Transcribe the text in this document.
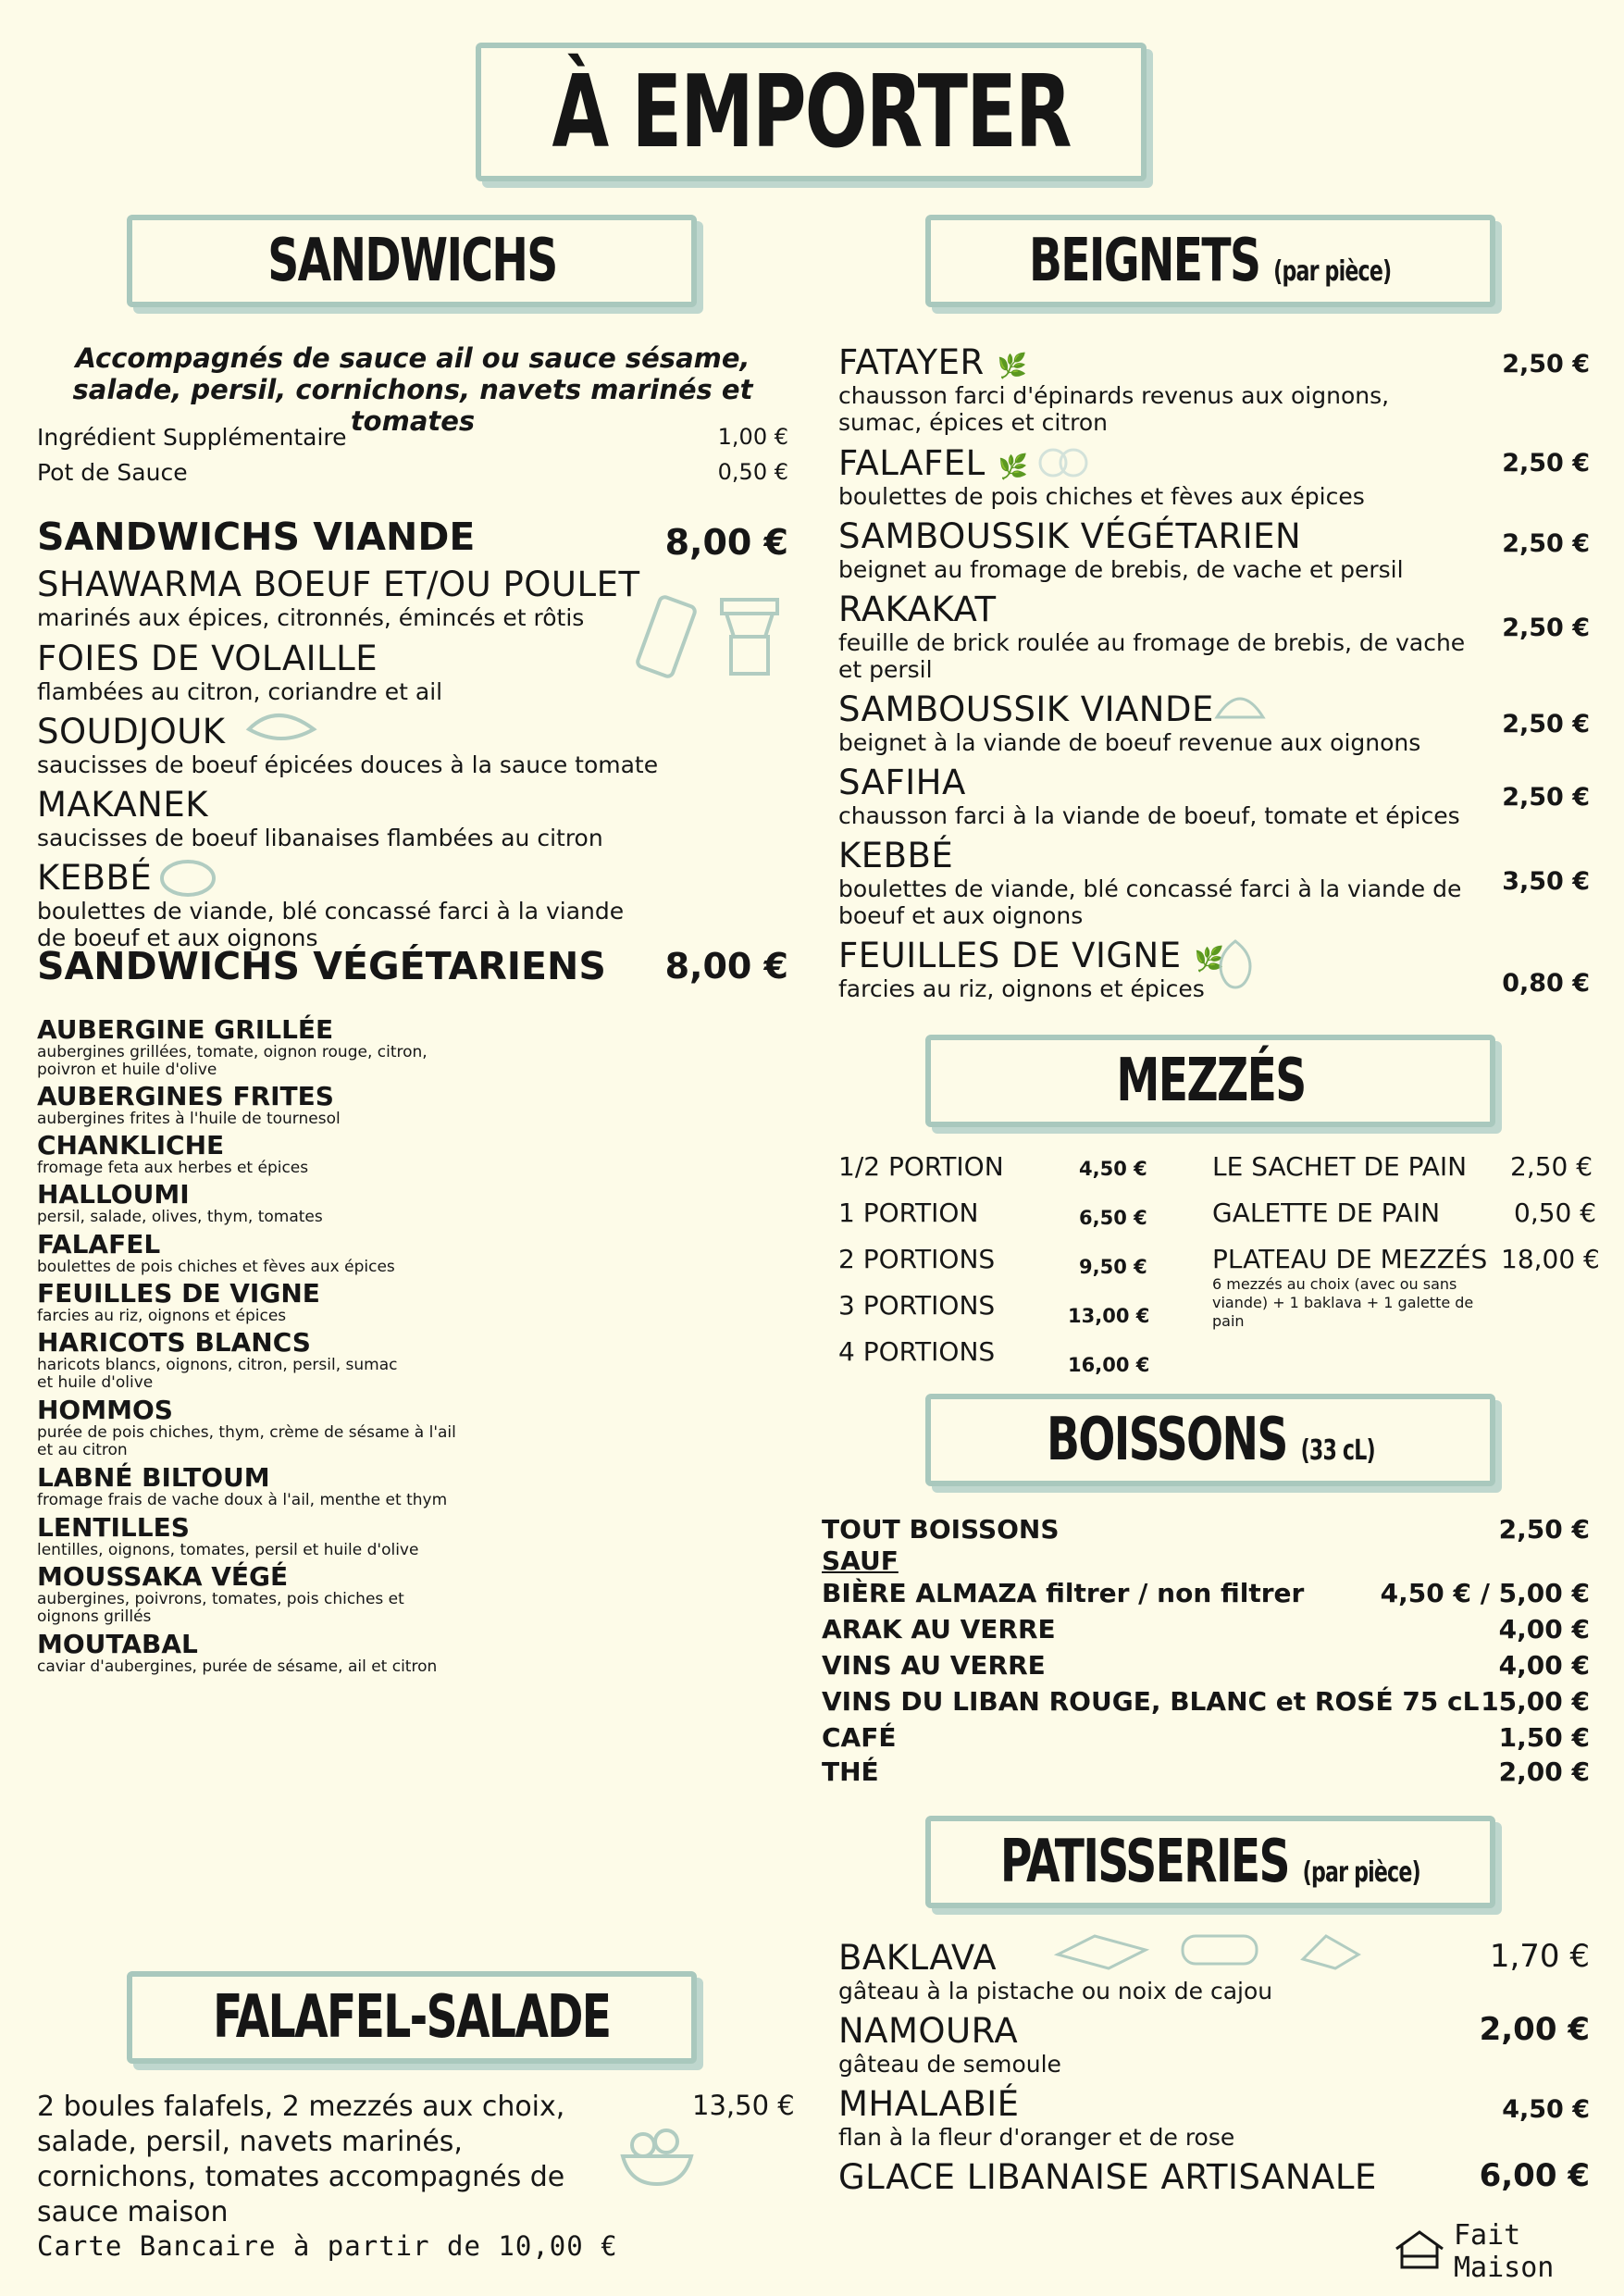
À EMPORTER
SANDWICHS
Accompagnés de sauce ail ou sauce sésame, salade, persil, cornichons, navets marinés et tomates
Ingrédient Supplémentaire	1,00 €
Pot de Sauce	0,50 €
SANDWICHS VIANDE	8,00 €
SHAWARMA BOEUF ET/OU POULET
marinés aux épices, citronnés, émincés et rôtis
FOIES DE VOLAILLE
flambées au citron, coriandre et ail
SOUDJOUK
saucisses de boeuf épicées douces à la sauce tomate
MAKANEK
saucisses de boeuf libanaises flambées au citron
KEBBÉ
boulettes de viande, blé concassé farci à la viande de boeuf et aux oignons
SANDWICHS VÉGÉTARIENS 8,00 €
AUBERGINE GRILLÉE
aubergines grillées, tomate, oignon rouge, citron, poivron et huile d'olive
AUBERGINES FRITES
aubergines frites à l'huile de tournesol
CHANKLICHE
fromage feta aux herbes et épices
HALLOUMI
persil, salade, olives, thym, tomates
FALAFEL
boulettes de pois chiches et fèves aux épices
FEUILLES DE VIGNE
farcies au riz, oignons et épices
HARICOTS BLANCS
haricots blancs, oignons, citron, persil, sumac et huile d'olive
HOMMOS
purée de pois chiches, thym, crème de sésame à l'ail et au citron
LABNÉ BILTOUM
fromage frais de vache doux à l'ail, menthe et thym
LENTILLES
lentilles, oignons, tomates, persil et huile d'olive
MOUSSAKA VÉGÉ
aubergines, poivrons, tomates, pois chiches et oignons grillés
MOUTABAL
caviar d'aubergines, purée de sésame, ail et citron
FALAFEL-SALADE
2 boules falafels, 2 mezzés aux choix, salade, persil, navets marinés, cornichons, tomates accompagnés de sauce maison
13,50 €
Carte Bancaire à partir de 10,00 €
BEIGNETS (par pièce)
FATAYER 🌿
chausson farci d'épinards revenus aux oignons, sumac, épices et citron
2,50 €
FALAFEL 🌿
boulettes de pois chiches et fèves aux épices
2,50 €
SAMBOUSSIK VÉGÉTARIEN
beignet au fromage de brebis, de vache et persil
2,50 €
RAKAKAT
feuille de brick roulée au fromage de brebis, de vache et persil
2,50 €
SAMBOUSSIK VIANDE
beignet à la viande de boeuf revenue aux oignons
2,50 €
SAFIHA
chausson farci à la viande de boeuf, tomate et épices
2,50 €
KEBBÉ
boulettes de viande, blé concassé farci à la viande de boeuf et aux oignons
3,50 €
FEUILLES DE VIGNE 🌿
farcies au riz, oignons et épices	0,80 €
MEZZÉS
1/2 PORTION	4,50 €
1 PORTION	6,50 €
2 PORTIONS	9,50 €
3 PORTIONS	13,00 €
4 PORTIONS	16,00 €
LE SACHET DE PAIN 2,50 €
GALETTE DE PAIN	0,50 €
PLATEAU DE MEZZÉS 18,00 €
6 mezzés au choix (avec ou sans viande) + 1 baklava + 1 galette de pain
BOISSONS (33 cL)
TOUT BOISSONS	2,50 €
SAUF
BIÈRE ALMAZA filtrer / non filtrer	4,50 € / 5,00 €
ARAK AU VERRE	4,00 €
VINS AU VERRE	4,00 €
VINS DU LIBAN ROUGE, BLANC et ROSÉ 75 cL 15,00 €
CAFÉ	1,50 €
THÉ	2,00 €
PATISSERIES (par pièce)
BAKLAVA
gâteau à la pistache ou noix de cajou
1,70 €
NAMOURA
gâteau de semoule
2,00 €
MHALABIÉ
flan à la fleur d'oranger et de rose
4,50 €
GLACE LIBANAISE ARTISANALE	6,00 €
Fait Maison
